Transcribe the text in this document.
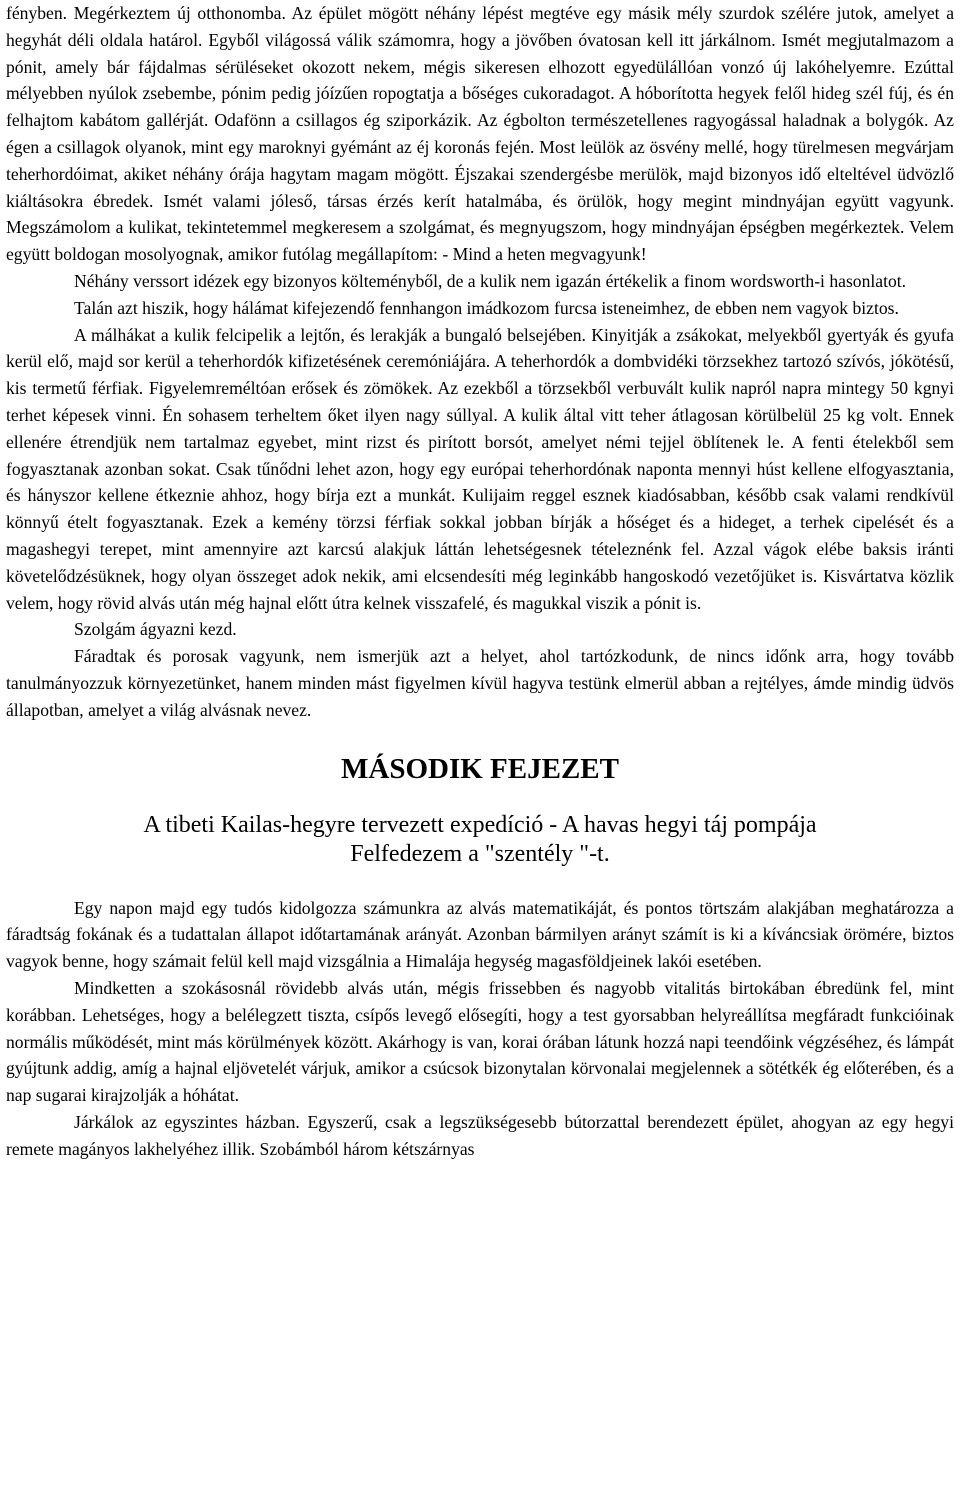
fényben. Megérkeztem új otthonomba. Az épület mögött néhány lépést megtéve egy másik mély szurdok szélére jutok, amelyet a hegyhát déli oldala határol. Egyből világossá válik számomra, hogy a jövőben óvatosan kell itt járkálnom. Ismét megjutalmazom a pónit, amely bár fájdalmas sérüléseket okozott nekem, mégis sikeresen elhozott egyedülállóan vonzó új lakóhelyemre. Ezúttal mélyebben nyúlok zsebembe, pónim pedig jóízűen ropogtatja a bőséges cukoradagot. A hóborította hegyek felől hideg szél fúj, és én felhajtom kabátom gallérját. Odafönn a csillagos ég sziporkázik. Az égbolton természetellenes ragyogással haladnak a bolygók. Az égen a csillagok olyanok, mint egy maroknyi gyémánt az éj koronás fején. Most leülök az ösvény mellé, hogy türelmesen megvárjam teherhordóimat, akiket néhány órája hagytam magam mögött. Éjszakai szendergésbe merülök, majd bizonyos idő elteltével üdvözlő kiáltásokra ébredek. Ismét valami jóleső, társas érzés kerít hatalmába, és örülök, hogy megint mindnyájan együtt vagyunk. Megszámolom a kulikat, tekintetemmel megkeresem a szolgámat, és megnyugszom, hogy mindnyájan épségben megérkeztek. Velem együtt boldogan mosolyognak, amikor futólag megállapítom: - Mind a heten megvagyunk!

Néhány verssort idézek egy bizonyos költeményből, de a kulik nem igazán értékelik a finom wordsworth-i hasonlatot.

Talán azt hiszik, hogy hálámat kifejezendő fennhangon imádkozom furcsa isteneimhez, de ebben nem vagyok biztos.

A málhákat a kulik felcipelik a lejtőn, és lerakják a bungaló belsejében. Kinyitják a zsákokat, melyekből gyertyák és gyufa kerül elő, majd sor kerül a teherhordók kifizetésének ceremóniájára. A teherhordók a dombvidéki törzsekhez tartozó szívós, jókötésű, kis termetű férfiak. Figyelemreméltóan erősek és zömökek. Az ezekből a törzsekből verbuvált kulik napról napra mintegy 50 kgnyi terhet képesek vinni. Én sohasem terheltem őket ilyen nagy súllyal. A kulik által vitt teher átlagosan körülbelül 25 kg volt. Ennek ellenére étrendjük nem tartalmaz egyebet, mint rizst és pirított borsót, amelyet némi tejjel öblítenek le. A fenti ételekből sem fogyasztanak azonban sokat. Csak tűnődni lehet azon, hogy egy európai teherhordónak naponta mennyi húst kellene elfogyasztania, és hányszor kellene étkeznie ahhoz, hogy bírja ezt a munkát. Kulijaim reggel esznek kiadósabban, később csak valami rendkívül könnyű ételt fogyasztanak. Ezek a kemény törzsi férfiak sokkal jobban bírják a hőséget és a hideget, a terhek cipelését és a magashegyi terepet, mint amennyire azt karcsú alakjuk láttán lehetségesnek tételeznénk fel. Azzal vágok elébe baksis iránti követelődzésüknek, hogy olyan összeget adok nekik, ami elcsendesíti még leginkább hangoskodó vezetőjüket is. Kisvártatva közlik velem, hogy rövid alvás után még hajnal előtt útra kelnek visszafelé, és magukkal viszik a pónit is.

Szolgám ágyazni kezd.

Fáradtak és porosak vagyunk, nem ismerjük azt a helyet, ahol tartózkodunk, de nincs időnk arra, hogy tovább tanulmányozzuk környezetünket, hanem minden mást figyelmen kívül hagyva testünk elmerül abban a rejtélyes, ámde mindig üdvös állapotban, amelyet a világ alvásnak nevez.

MÁSODIK FEJEZET
A tibeti Kailas-hegyre tervezett expedíció - A havas hegyi táj pompája
Felfedezem a "szentély "-t.

Egy napon majd egy tudós kidolgozza számunkra az alvás matematikáját, és pontos törtszám alakjában meghatározza a fáradtság fokának és a tudattalan állapot időtartamának arányát. Azonban bármilyen arányt számít is ki a kíváncsiak örömére, biztos vagyok benne, hogy számait felül kell majd vizsgálnia a Himalája hegység magasföldjeinek lakói esetében.

Mindketten a szokásosnál rövidebb alvás után, mégis frissebben és nagyobb vitalitás birtokában ébredünk fel, mint korábban. Lehetséges, hogy a belélegzett tiszta, csípős levegő elősegíti, hogy a test gyorsabban helyreállítsa megfáradt funkcióinak normális működését, mint más körülmények között. Akárhogy is van, korai órában látunk hozzá napi teendőink végzéséhez, és lámpát gyújtunk addig, amíg a hajnal eljövetelét várjuk, amikor a csúcsok bizonytalan körvonalai megjelennek a sötétkék ég előterében, és a nap sugarai kirajzolják a hóhátat.

Járkálok az egyszintes házban. Egyszerű, csak a legszükségesebb bútorzattal berendezett épület, ahogyan az egy hegyi remete magányos lakhelyéhez illik. Szobámból három kétszárnyas
